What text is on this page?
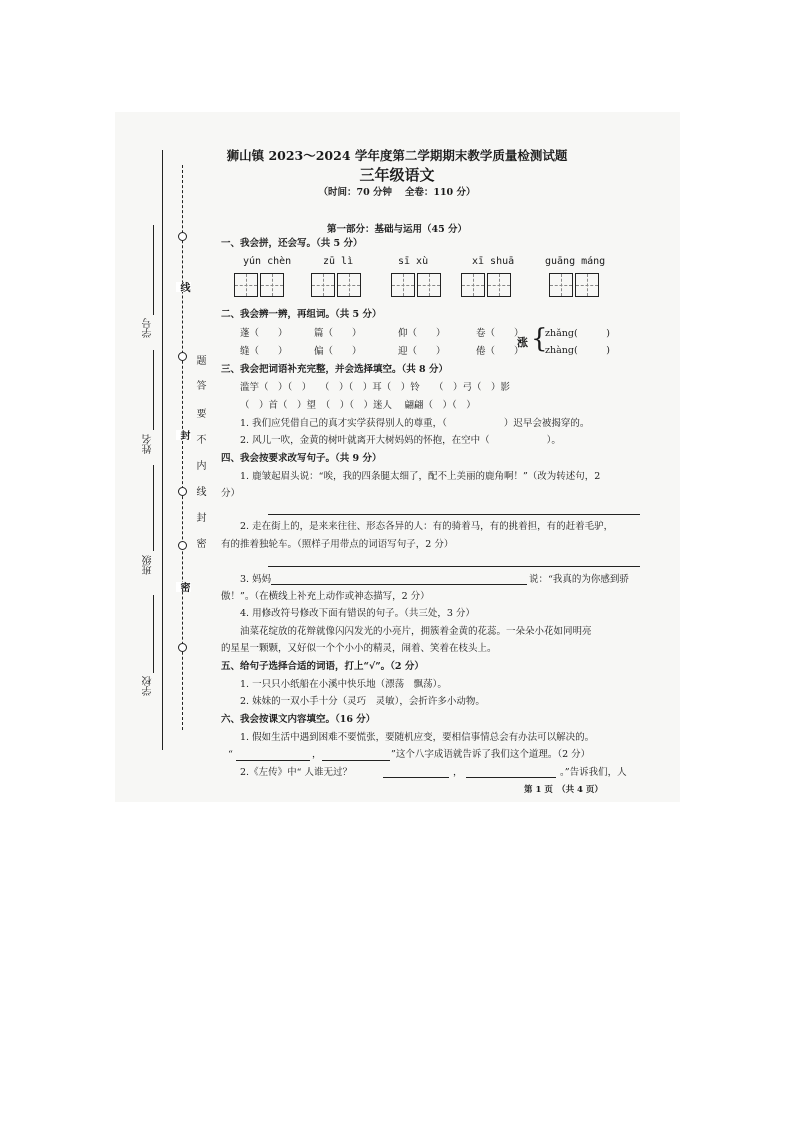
线
封
密
题
答
要
不
内
线
封
密
学号
姓名
班级
学校
狮山镇 2023～2024 学年度第二学期期末教学质量检测试题
三年级语文
（时间：70 分钟　 全卷：110 分）
第一部分：基础与运用（45 分）
一、我会拼，还会写。（共 5 分）
yún chèn	zū lì	sī xù	xī shuā	guāng máng
二、我会辨一辨，再组词。（共 5 分）
蓬（　　）	篇（　　）	仰（　　）	卷（　　）
缝（　　）	偏（　　）	迎（　　）	倦（　　）
涨 {
zhǎng(　　　)
zhàng(　　　)
三、我会把词语补充完整，并会选择填空。（共 8 分）
滥竽（　）（　）　 （　）（　）耳（　）铃　　（　）弓（　）影
（　）首（　）望　（　）（　）迷人　 翩翩（　）（　）
1. 我们应凭借自己的真才实学获得别人的尊重，（　　　　　　）迟早会被揭穿的。
2. 风儿一吹，金黄的树叶就离开大树妈妈的怀抱，在空中（　　　　　　）。
四、我会按要求改写句子。（共 9 分）
1. 鹿皱起眉头说：“唉，我的四条腿太细了，配不上美丽的鹿角啊！”（改为转述句，2
分）
2. 走在街上的，是来来往往、形态各异的人：有的骑着马，有的挑着担，有的赶着毛驴，
有的推着独轮车。（照样子用带点的词语写句子，2 分）
3. 妈妈	说：“我真的为你感到骄
傲！”。（在横线上补充上动作或神态描写，2 分）
4. 用修改符号修改下面有错误的句子。（共三处，3 分）
油菜花绽放的花辩就像闪闪发光的小亮片，拥簇着金黄的花蕊。一朵朵小花如同明亮
的星星一颗颗，又好似一个个小小的精灵，闹着、笑着在枝头上。
五、给句子选择合适的词语，打上“√”。（2 分）
1. 一只只小纸船在小溪中快乐地（漂荡　飘荡）。
2. 妹妹的一双小手十分（灵巧　灵敏），会折许多小动物。
六、我会按课文内容填空。（16 分）
1. 假如生活中遇到困难不要慌张，要随机应变，要相信事情总会有办法可以解决的。
“	，	”这个八字成语就告诉了我们这个道理。（2 分）
2.《左传》中“ 人谁无过？	，	。”告诉我们，人
第 1 页　（共 4 页）
